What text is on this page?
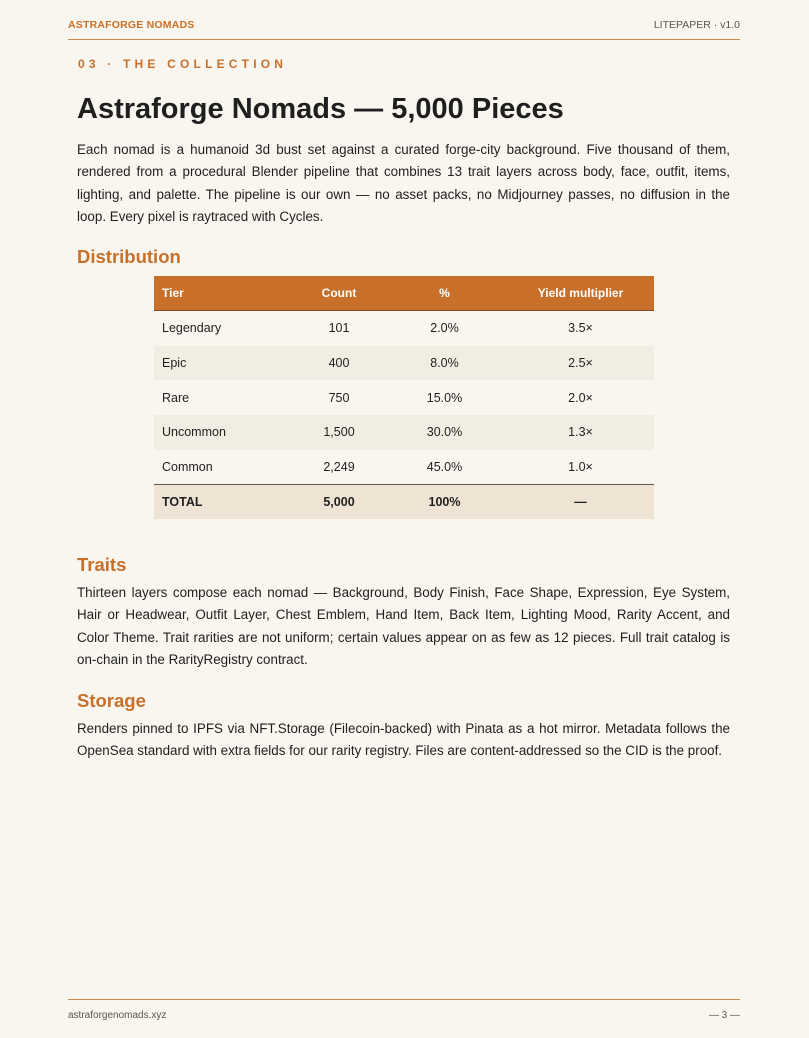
ASTRAFORGE NOMADS	LITEPAPER · v1.0
03 · THE COLLECTION
Astraforge Nomads — 5,000 Pieces

Each nomad is a humanoid 3d bust set against a curated forge-city background. Five thousand of them, rendered from a procedural Blender pipeline that combines 13 trait layers across body, face, outfit, items, lighting, and palette. The pipeline is our own — no asset packs, no Midjourney passes, no diffusion in the loop. Every pixel is raytraced with Cycles.

Distribution
Tier	Count	%	Yield multiplier
Legendary	101	2.0%	3.5×
Epic	400	8.0%	2.5×
Rare	750	15.0%	2.0×
Uncommon	1,500	30.0%	1.3×
Common	2,249	45.0%	1.0×
TOTAL	5,000	100%	—
Traits

Thirteen layers compose each nomad — Background, Body Finish, Face Shape, Expression, Eye System, Hair or Headwear, Outfit Layer, Chest Emblem, Hand Item, Back Item, Lighting Mood, Rarity Accent, and Color Theme. Trait rarities are not uniform; certain values appear on as few as 12 pieces. Full trait catalog is on-chain in the RarityRegistry contract.

Storage

Renders pinned to IPFS via NFT.Storage (Filecoin-backed) with Pinata as a hot mirror. Metadata follows the OpenSea standard with extra fields for our rarity registry. Files are content-addressed so the CID is the proof.

astraforgenomads.xyz	— 3 —
